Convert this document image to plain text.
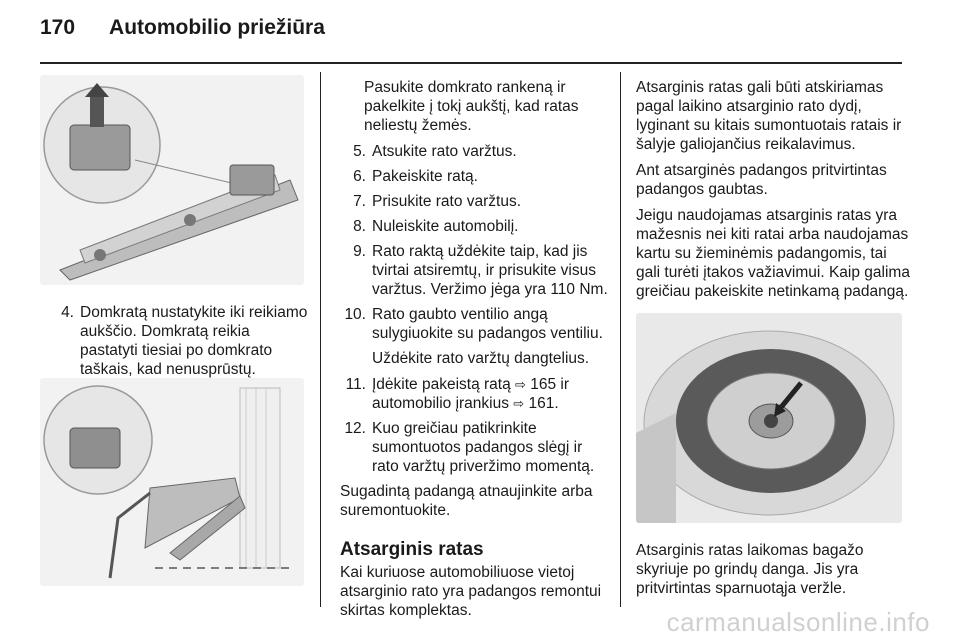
170 Automobilio priežiūra
4. Domkratą nustatykite iki reikiamo aukščio. Domkratą reikia pastatyti tiesiai po domkrato taškais, kad nenusprūstų.

Pasukite domkrato rankeną ir pakelkite į tokį aukštį, kad ratas neliestų žemės.

5. Atsukite rato varžtus.
6. Pakeiskite ratą.
7. Prisukite rato varžtus.
8. Nuleiskite automobilį.
9. Rato raktą uždėkite taip, kad jis tvirtai atsiremtų, ir prisukite visus varžtus. Veržimo jėga yra 110 Nm.
10. Rato gaubto ventilio angą sulygiuokite su padangos ventiliu.

Uždėkite rato varžtų dangtelius.

11. Įdėkite pakeistą ratą ⇨ 165 ir automobilio įrankius ⇨ 161.
12. Kuo greičiau patikrinkite sumontuotos padangos slėgį ir rato varžtų priveržimo momentą.

Sugadintą padangą atnaujinkite arba suremontuokite.

Atsarginis ratas

Kai kuriuose automobiliuose vietoj atsarginio rato yra padangos remontui skirtas komplektas.

Atsarginis ratas gali būti atskiriamas pagal laikino atsarginio rato dydį, lyginant su kitais sumontuotais ratais ir šalyje galiojančius reikalavimus.

Ant atsarginės padangos pritvirtintas padangos gaubtas.

Jeigu naudojamas atsarginis ratas yra mažesnis nei kiti ratai arba naudojamas kartu su žieminėmis padangomis, tai gali turėti įtakos važiavimui. Kaip galima greičiau pakeiskite netinkamą padangą.

Atsarginis ratas laikomas bagažo skyriuje po grindų danga. Jis yra pritvirtintas sparnuotąja veržle.

carmanualsonline.info
